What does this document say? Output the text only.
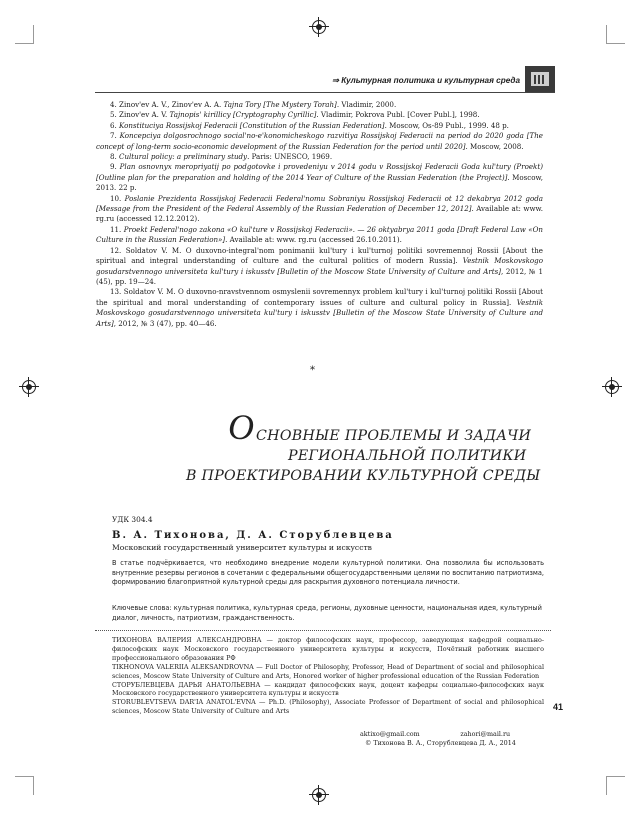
⇒ Культурная политика и культурная среда

4. Zinov'ev A. V., Zinov'ev A. A. Tajna Tory [The Mystery Torah]. Vladimir, 2000.

5. Zinov'ev A. V. Tajnopis' kirillicy [Cryptography Cyrillic]. Vladimir, Pokrova Publ. [Cover Publ.], 1998.

6. Konstituciya Rossijskoj Federacii [Constitution of the Russian Federation]. Moscow, Os-89 Publ., 1999. 48 p.

7. Koncepciya dolgosrochnogo social'no-e'konomicheskogo razvitiya Rossijskoj Federacii na period do 2020 goda [The concept of long-term socio-economic development of the Russian Federation for the period until 2020]. Moscow, 2008.

8. Cultural policy: a preliminary study. Paris: UNESCO, 1969.

9. Plan osnovnyx meropriyatij po podgotovke i provedeniyu v 2014 godu v Rossijskoj Federacii Goda kul'tury (Proekt) [Outline plan for the preparation and holding of the 2014 Year of Culture of the Russian Federation (the Project)]. Moscow, 2013. 22 p.

10. Poslanie Prezidenta Rossijskoj Federacii Federal'nomu Sobraniyu Rossijskoj Federacii ot 12 dekabrya 2012 goda [Message from the President of the Federal Assembly of the Russian Federation of December 12, 2012]. Available at: www. rg.ru (accessed 12.12.2012).

11. Proekt Federal'nogo zakona «O kul'ture v Rossijskoj Federacii». — 26 oktyabrya 2011 goda [Draft Federal Law «On Culture in the Russian Federation»]. Available at: www. rg.ru (accessed 26.10.2011).

12. Soldatov V. M. O duxovno-integral'nom ponimanii kul'tury i kul'turnoj politiki sovremennoj Rossii [About the spiritual and integral understanding of culture and the cultural politics of modern Russia]. Vestnik Moskovskogo gosudarstvennogo universiteta kul'tury i iskusstv [Bulletin of the Moscow State University of Culture and Arts], 2012, № 1 (45), pp. 19—24.

13. Soldatov V. M. O duxovno-nravstvennom osmyslenii sovremennyx problem kul'tury i kul'turnoj politiki Rossii [About the spiritual and moral understanding of contemporary issues of culture and cultural policy in Russia]. Vestnik Moskovskogo gosudarstvennogo universiteta kul'tury i iskusstv [Bulletin of the Moscow State University of Culture and Arts], 2012, № 3 (47), pp. 40—46.

*
О СНОВНЫЕ ПРОБЛЕМЫ И ЗАДАЧИ
РЕГИОНАЛЬНОЙ ПОЛИТИКИ
В ПРОЕКТИРОВАНИИ КУЛЬТУРНОЙ СРЕДЫ
УДК 304.4
В. А. Тихонова, Д. А. Сторублевцева
Московский государственный университет культуры и искусств
В статье подчёркивается, что необходимо внедрение модели культурной политики. Она позволила бы использовать внутренние резервы регионов в сочетании с федеральными общегосударственными целями по воспитанию патриотизма, формированию благоприятной культурной среды для раскрытия духовного потенциала личности.
Ключевые слова: культурная политика, культурная среда, регионы, духовные ценности, национальная идея, культурный диалог, личность, патриотизм, гражданственность.

ТИХОНОВА ВАЛЕРИЯ АЛЕКСАНДРОВНА — доктор философских наук, профессор, заведующая кафедрой социально-философских наук Московского государственного университета культуры и искусств, Почётный работник высшего профессионального образования РФ

TIKHONOVA VALERIIA ALEKSANDROVNA — Full Doctor of Philosophy, Professor, Head of Department of social and philosophical sciences, Moscow State University of Culture and Arts, Honored worker of higher professional education of the Russian Federation

СТОРУБЛЕВЦЕВА ДАРЬЯ АНАТОЛЬЕВНА — кандидат философских наук, доцент кафедры социально-философских наук Московского государственного университета культуры и искусств

STORUBLEVTSEVA DAR'IA ANATOL'EVNA — Ph.D. (Philosophy), Associate Professor of Department of social and philosophical sciences, Moscow State University of Culture and Arts

aktixo@gmail.com                    zahori@mail.ru
© Тихонова В. А., Сторублевцева Д. А., 2014
41
